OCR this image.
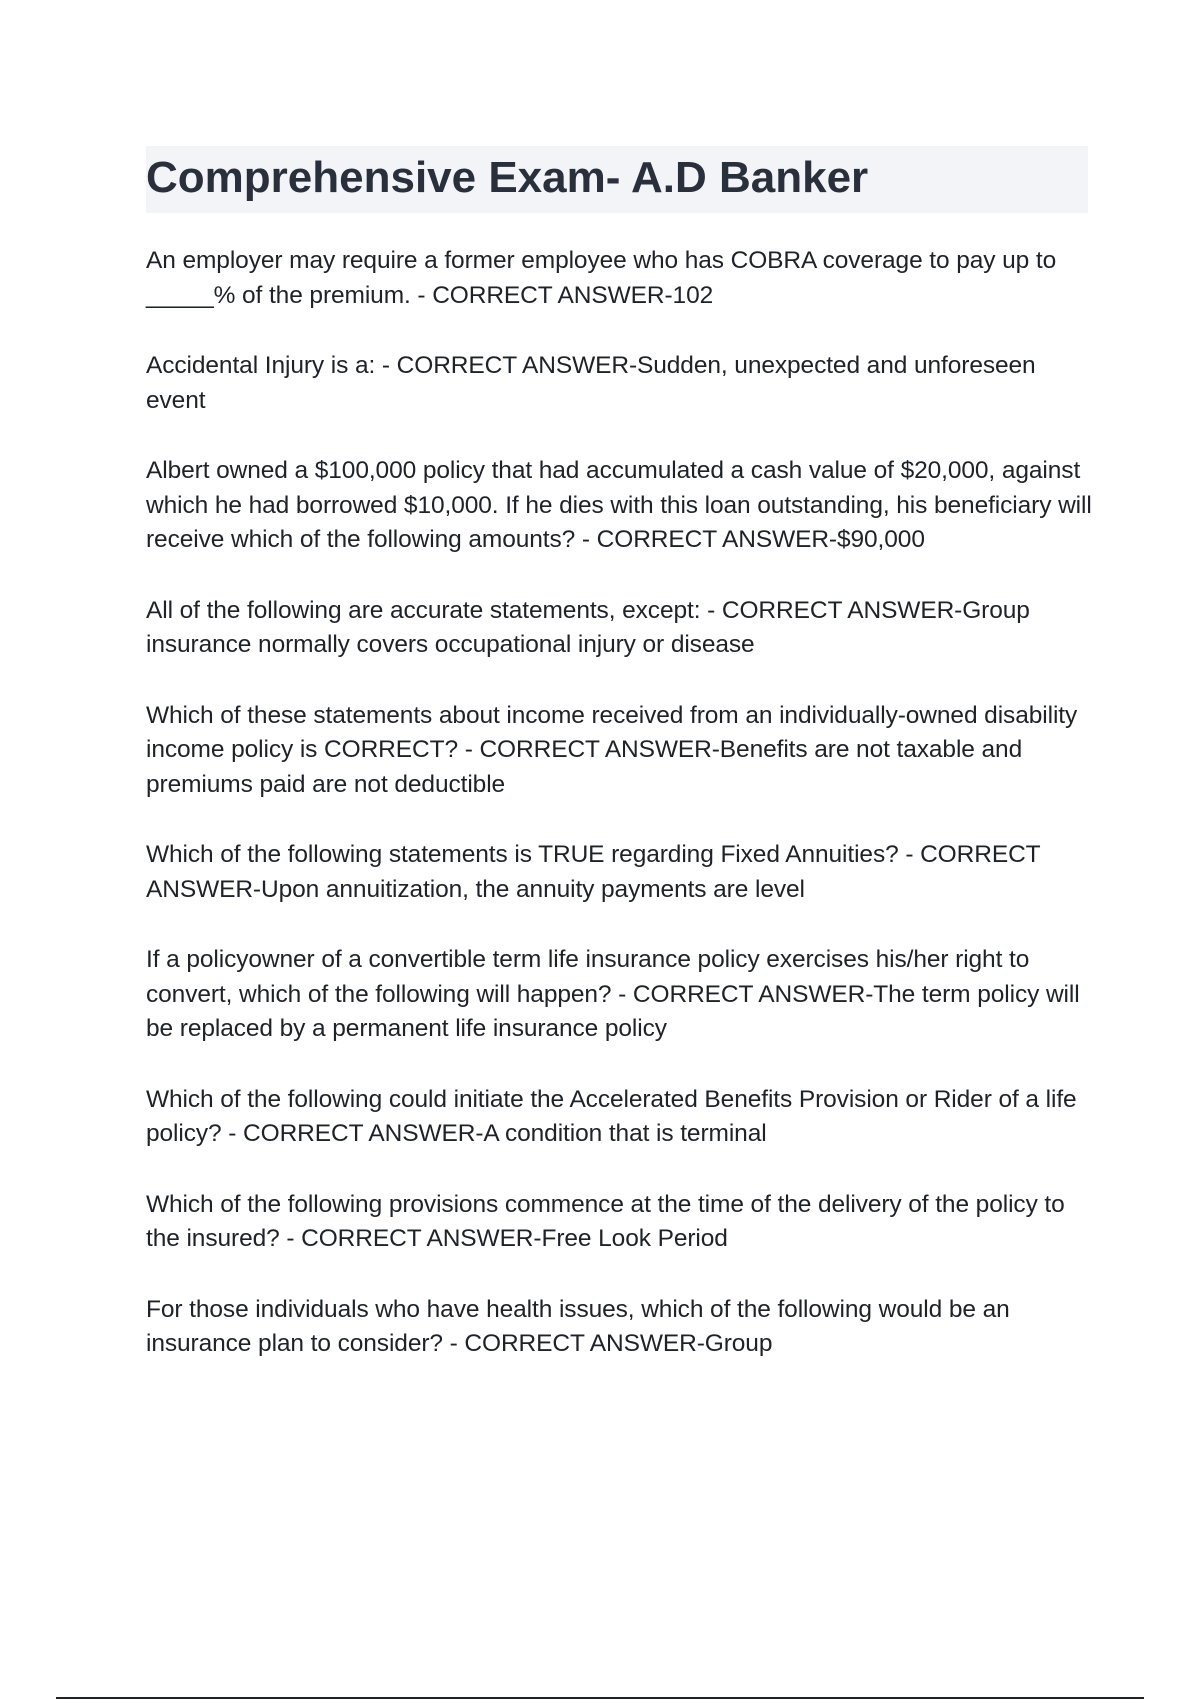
Comprehensive Exam- A.D Banker
An employer may require a former employee who has COBRA coverage to pay up to _____% of the premium. - CORRECT ANSWER-102
Accidental Injury is a: - CORRECT ANSWER-Sudden, unexpected and unforeseen event
Albert owned a $100,000 policy that had accumulated a cash value of $20,000, against which he had borrowed $10,000. If he dies with this loan outstanding, his beneficiary will receive which of the following amounts? - CORRECT ANSWER-$90,000
All of the following are accurate statements, except: - CORRECT ANSWER-Group insurance normally covers occupational injury or disease
Which of these statements about income received from an individually-owned disability income policy is CORRECT? - CORRECT ANSWER-Benefits are not taxable and premiums paid are not deductible
Which of the following statements is TRUE regarding Fixed Annuities? - CORRECT ANSWER-Upon annuitization, the annuity payments are level
If a policyowner of a convertible term life insurance policy exercises his/her right to convert, which of the following will happen? - CORRECT ANSWER-The term policy will be replaced by a permanent life insurance policy
Which of the following could initiate the Accelerated Benefits Provision or Rider of a life policy? - CORRECT ANSWER-A condition that is terminal
Which of the following provisions commence at the time of the delivery of the policy to the insured? - CORRECT ANSWER-Free Look Period
For those individuals who have health issues, which of the following would be an insurance plan to consider? - CORRECT ANSWER-Group
